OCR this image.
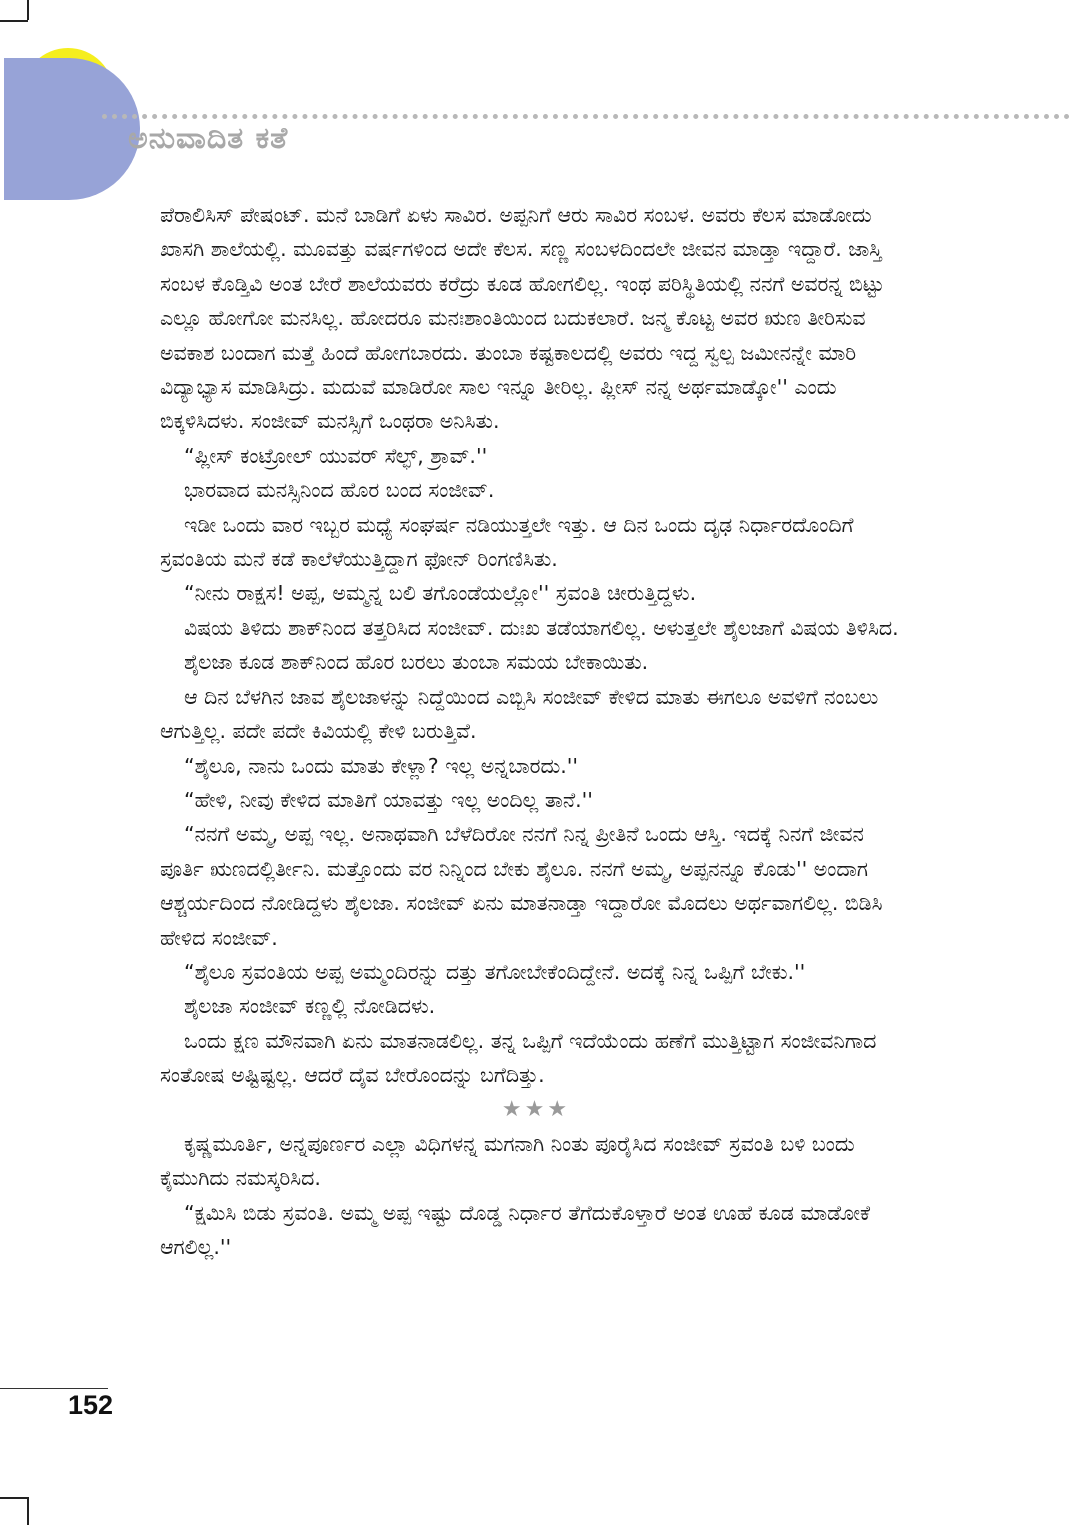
ಅನುವಾದಿತ ಕತೆ

ಪೆರಾಲಿಸಿಸ್ ಪೇಷಂಟ್. ಮನೆ ಬಾಡಿಗೆ ಏಳು ಸಾವಿರ. ಅಪ್ಪನಿಗೆ ಆರು ಸಾವಿರ ಸಂಬಳ. ಅವರು ಕೆಲಸ ಮಾಡೋದು ಖಾಸಗಿ ಶಾಲೆಯಲ್ಲಿ. ಮೂವತ್ತು ವರ್ಷಗಳಿಂದ ಅದೇ ಕೆಲಸ. ಸಣ್ಣ ಸಂಬಳದಿಂದಲೇ ಜೀವನ ಮಾಡ್ತಾ ಇದ್ದಾರೆ. ಜಾಸ್ತಿ ಸಂಬಳ ಕೊಡ್ತಿವಿ ಅಂತ ಬೇರೆ ಶಾಲೆಯವರು ಕರೆದ್ರು ಕೂಡ ಹೋಗಲಿಲ್ಲ. ಇಂಥ ಪರಿಸ್ಥಿತಿಯಲ್ಲಿ ನನಗೆ ಅವರನ್ನ ಬಿಟ್ಟು ಎಲ್ಲೂ ಹೋಗೋ ಮನಸಿಲ್ಲ. ಹೋದರೂ ಮನಃಶಾಂತಿಯಿಂದ ಬದುಕಲಾರೆ. ಜನ್ಮ ಕೊಟ್ಟ ಅವರ ಋಣ ತೀರಿಸುವ ಅವಕಾಶ ಬಂದಾಗ ಮತ್ತೆ ಹಿಂದೆ ಹೋಗಬಾರದು. ತುಂಬಾ ಕಷ್ಟಕಾಲದಲ್ಲಿ ಅವರು ಇದ್ದ ಸ್ವಲ್ಪ ಜಮೀನನ್ನೇ ಮಾರಿ ವಿದ್ಯಾಭ್ಯಾಸ ಮಾಡಿಸಿದ್ರು. ಮದುವೆ ಮಾಡಿರೋ ಸಾಲ ಇನ್ನೂ ತೀರಿಲ್ಲ. ಪ್ಲೀಸ್ ನನ್ನ ಅರ್ಥಮಾಡ್ಕೋ'' ಎಂದು ಬಿಕ್ಕಳಿಸಿದಳು. ಸಂಜೀವ್ ಮನಸ್ಸಿಗೆ ಒಂಥರಾ ಅನಿಸಿತು.

“ಪ್ಲೀಸ್ ಕಂಟ್ರೋಲ್ ಯುವರ್ ಸೆಲ್ಫ್, ಶ್ರಾವ್.''

ಭಾರವಾದ ಮನಸ್ಸಿನಿಂದ ಹೊರ ಬಂದ ಸಂಜೀವ್.

ಇಡೀ ಒಂದು ವಾರ ಇಬ್ಬರ ಮಧ್ಯೆ ಸಂಘರ್ಷ ನಡಿಯುತ್ತಲೇ ಇತ್ತು. ಆ ದಿನ ಒಂದು ದೃಢ ನಿರ್ಧಾರದೊಂದಿಗೆ ಸ್ರವಂತಿಯ ಮನೆ ಕಡೆ ಕಾಲೆಳೆಯುತ್ತಿದ್ದಾಗ ಫೋನ್ ರಿಂಗಣಿಸಿತು.

“ನೀನು ರಾಕ್ಷಸ! ಅಪ್ಪ, ಅಮ್ಮನ್ನ ಬಲಿ ತಗೊಂಡೆಯಲ್ಲೋ'' ಸ್ರವಂತಿ ಚೀರುತ್ತಿದ್ದಳು.

ವಿಷಯ ತಿಳಿದು ಶಾಕ್‌ನಿಂದ ತತ್ತರಿಸಿದ ಸಂಜೀವ್. ದುಃಖ ತಡೆಯಾಗಲಿಲ್ಲ. ಅಳುತ್ತಲೇ ಶೈಲಜಾಗೆ ವಿಷಯ ತಿಳಿಸಿದ.

ಶೈಲಜಾ ಕೂಡ ಶಾಕ್‌ನಿಂದ ಹೊರ ಬರಲು ತುಂಬಾ ಸಮಯ ಬೇಕಾಯಿತು.

ಆ ದಿನ ಬೆಳಗಿನ ಜಾವ ಶೈಲಜಾಳನ್ನು ನಿದ್ದೆಯಿಂದ ಎಬ್ಬಿಸಿ ಸಂಜೀವ್ ಕೇಳಿದ ಮಾತು ಈಗಲೂ ಅವಳಿಗೆ ನಂಬಲು ಆಗುತ್ತಿಲ್ಲ. ಪದೇ ಪದೇ ಕಿವಿಯಲ್ಲಿ ಕೇಳಿ ಬರುತ್ತಿವೆ.

“ಶೈಲೂ, ನಾನು ಒಂದು ಮಾತು ಕೇಳ್ಲಾ? ಇಲ್ಲ ಅನ್ನಬಾರದು.''

“ಹೇಳಿ, ನೀವು ಕೇಳಿದ ಮಾತಿಗೆ ಯಾವತ್ತು ಇಲ್ಲ ಅಂದಿಲ್ಲ ತಾನೆ.''

“ನನಗೆ ಅಮ್ಮ, ಅಪ್ಪ ಇಲ್ಲ. ಅನಾಥವಾಗಿ ಬೆಳೆದಿರೋ ನನಗೆ ನಿನ್ನ ಪ್ರೀತಿನೆ ಒಂದು ಆಸ್ತಿ. ಇದಕ್ಕೆ ನಿನಗೆ ಜೀವನ ಪೂರ್ತಿ ಋಣದಲ್ಲಿರ್ತೀನಿ. ಮತ್ತೊಂದು ವರ ನಿನ್ನಿಂದ ಬೇಕು ಶೈಲೂ. ನನಗೆ ಅಮ್ಮ, ಅಪ್ಪನನ್ನೂ ಕೊಡು'' ಅಂದಾಗ ಆಶ್ಚರ್ಯದಿಂದ ನೋಡಿದ್ದಳು ಶೈಲಜಾ. ಸಂಜೀವ್ ಏನು ಮಾತನಾಡ್ತಾ ಇದ್ದಾರೋ ಮೊದಲು ಅರ್ಥವಾಗಲಿಲ್ಲ. ಬಿಡಿಸಿ ಹೇಳಿದ ಸಂಜೀವ್.

“ಶೈಲೂ ಸ್ರವಂತಿಯ ಅಪ್ಪ ಅಮ್ಮಂದಿರನ್ನು ದತ್ತು ತಗೋಬೇಕೆಂದಿದ್ದೇನೆ. ಅದಕ್ಕೆ ನಿನ್ನ ಒಪ್ಪಿಗೆ ಬೇಕು.''

ಶೈಲಜಾ ಸಂಜೀವ್ ಕಣ್ಣಲ್ಲಿ ನೋಡಿದಳು.

ಒಂದು ಕ್ಷಣ ಮೌನವಾಗಿ ಏನು ಮಾತನಾಡಲಿಲ್ಲ. ತನ್ನ ಒಪ್ಪಿಗೆ ಇದೆಯೆಂದು ಹಣೆಗೆ ಮುತ್ತಿಟ್ಟಾಗ ಸಂಜೀವನಿಗಾದ ಸಂತೋಷ ಅಷ್ಟಿಷ್ಟಲ್ಲ. ಆದರೆ ದೈವ ಬೇರೊಂದನ್ನು ಬಗೆದಿತ್ತು.

★★★

ಕೃಷ್ಣಮೂರ್ತಿ, ಅನ್ನಪೂರ್ಣರ ಎಲ್ಲಾ ವಿಧಿಗಳನ್ನ ಮಗನಾಗಿ ನಿಂತು ಪೂರೈಸಿದ ಸಂಜೀವ್ ಸ್ರವಂತಿ ಬಳಿ ಬಂದು ಕೈಮುಗಿದು ನಮಸ್ಕರಿಸಿದ.

“ಕ್ಷಮಿಸಿ ಬಿಡು ಸ್ರವಂತಿ. ಅಮ್ಮ ಅಪ್ಪ ಇಷ್ಟು ದೊಡ್ಡ ನಿರ್ಧಾರ ತೆಗೆದುಕೊಳ್ತಾರೆ ಅಂತ ಊಹೆ ಕೂಡ ಮಾಡೋಕೆ ಆಗಲಿಲ್ಲ.''

152
